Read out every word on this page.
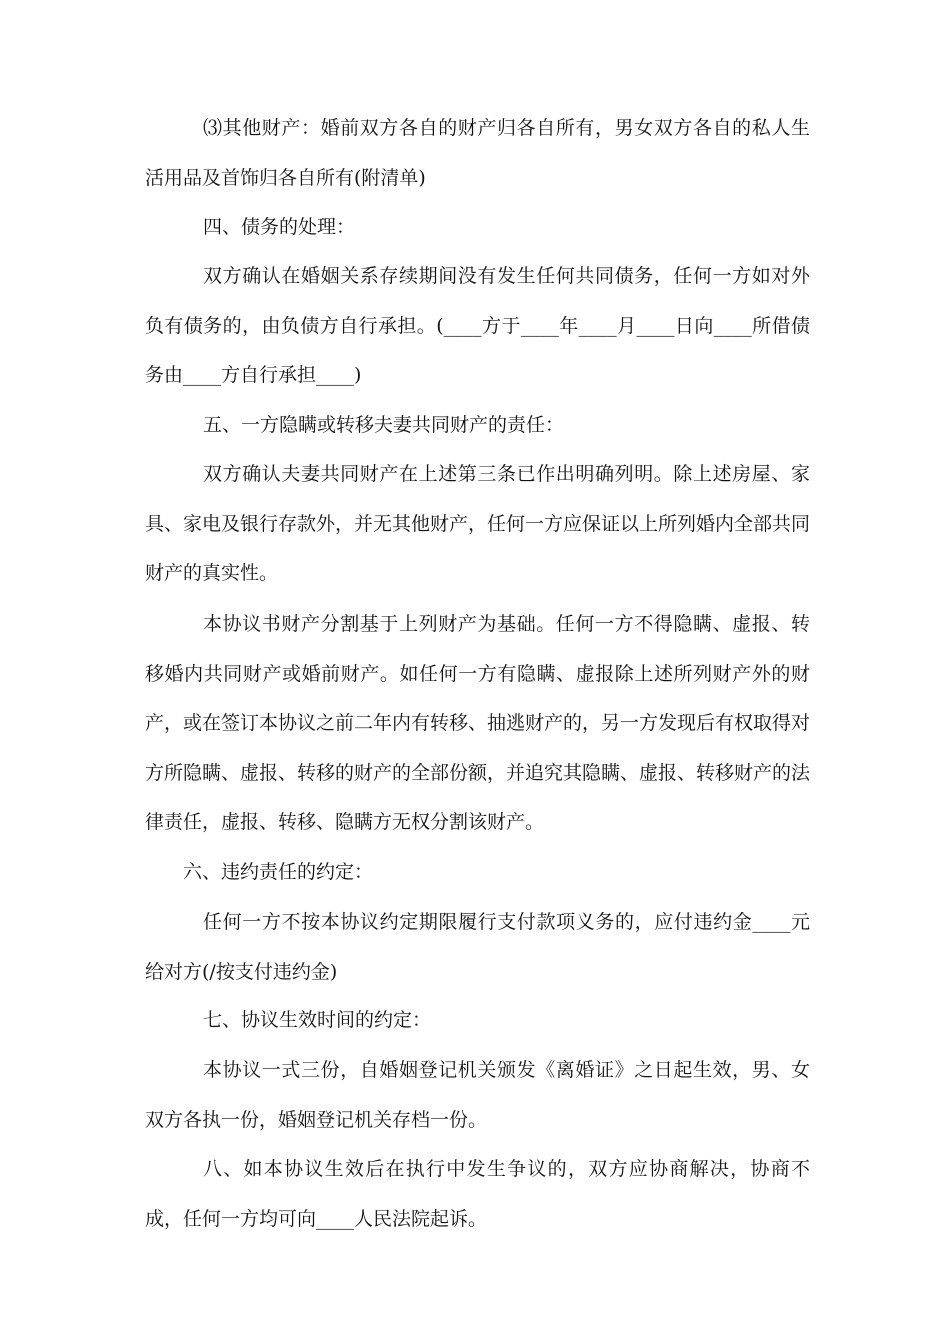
⑶其他财产：婚前双方各自的财产归各自所有，男女双方各自的私人生活用品及首饰归各自所有(附清单)

四、债务的处理：

双方确认在婚姻关系存续期间没有发生任何共同债务，任何一方如对外负有债务的，由负债方自行承担。(____方于____年____月____日向____所借债务由____方自行承担____)

五、一方隐瞒或转移夫妻共同财产的责任：

双方确认夫妻共同财产在上述第三条已作出明确列明。除上述房屋、家具、家电及银行存款外，并无其他财产，任何一方应保证以上所列婚内全部共同财产的真实性。

本协议书财产分割基于上列财产为基础。任何一方不得隐瞒、虚报、转移婚内共同财产或婚前财产。如任何一方有隐瞒、虚报除上述所列财产外的财产，或在签订本协议之前二年内有转移、抽逃财产的，另一方发现后有权取得对方所隐瞒、虚报、转移的财产的全部份额，并追究其隐瞒、虚报、转移财产的法律责任，虚报、转移、隐瞒方无权分割该财产。

六、违约责任的约定：

任何一方不按本协议约定期限履行支付款项义务的，应付违约金____元给对方(/按支付违约金)

七、协议生效时间的约定：

本协议一式三份，自婚姻登记机关颁发《离婚证》之日起生效，男、女双方各执一份，婚姻登记机关存档一份。

八、如本协议生效后在执行中发生争议的，双方应协商解决，协商不成，任何一方均可向____人民法院起诉。
